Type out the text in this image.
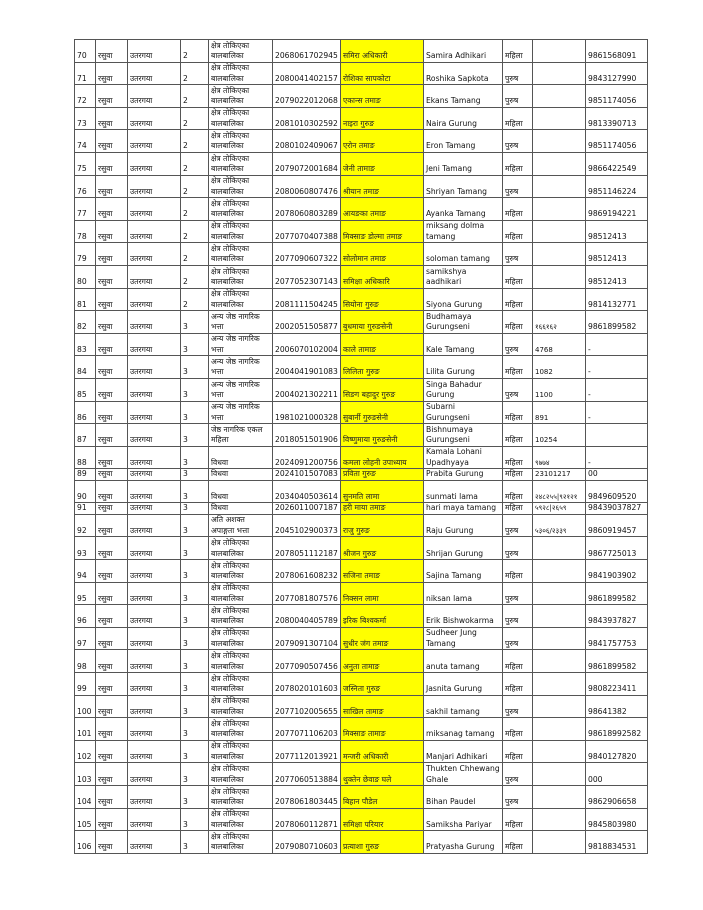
70	रसुवा	उतरगया	2	क्षेत्र तोकिएका बालबालिका	2068061702945	समिरा अधिकारी	Samira Adhikari	महिला		9861568091
71	रसुवा	उतरगया	2	क्षेत्र तोकिएका बालबालिका	2080041402157	रोशिका सापकोटा	Roshika Sapkota	पुरुष		9843127990
72	रसुवा	उतरगया	2	क्षेत्र तोकिएका बालबालिका	2079022012068	एकान्स तमाङ	Ekans Tamang	पुरुष		9851174056
73	रसुवा	उतरगया	2	क्षेत्र तोकिएका बालबालिका	2081010302592	नाइरा गुरुङ	Naira Gurung	महिला		9813390713
74	रसुवा	उतरगया	2	क्षेत्र तोकिएका बालबालिका	2080102409067	एरोन तमाङ	Eron Tamang	पुरुष		9851174056
75	रसुवा	उतरगया	2	क्षेत्र तोकिएका बालबालिका	2079072001684	जेनी तामाङ	Jeni Tamang	महिला		9866422549
76	रसुवा	उतरगया	2	क्षेत्र तोकिएका बालबालिका	2080060807476	श्रीयान तमाङ	Shriyan Tamang	पुरुष		9851146224
77	रसुवा	उतरगया	2	क्षेत्र तोकिएका बालबालिका	2078060803289	आयङका तमाङ	Ayanka Tamang	महिला		9869194221
78	रसुवा	उतरगया	2	क्षेत्र तोकिएका बालबालिका	2077070407388	मिक्साङ डोल्मा तमाङ	miksang dolma tamang	महिला		98512413
79	रसुवा	उतरगया	2	क्षेत्र तोकिएका बालबालिका	2077090607322	सोलोमान तमाङ	soloman tamang	पुरुष		98512413
80	रसुवा	उतरगया	2	क्षेत्र तोकिएका बालबालिका	2077052307143	समिक्षा अधिकारि	samikshya aadhikari	महिला		98512413
81	रसुवा	उतरगया	2	क्षेत्र तोकिएका बालबालिका	2081111504245	सियोना गुरुङ	Siyona Gurung	महिला		9814132771
82	रसुवा	उतरगया	3	अन्य जेष्ठ नागरिक भत्ता	2002051505877	बुधमाया गुरुङसेनी	Budhamaya Gurungseni	महिला	१६६१६२	9861899582
83	रसुवा	उतरगया	3	अन्य जेष्ठ नागरिक भत्ता	2006070102004	काले तामाङ	Kale Tamang	पुरुष	4768	-
84	रसुवा	उतरगया	3	अन्य जेष्ठ नागरिक भत्ता	2004041901083	लिलिता गुरुङ	Lilita Gurung	महिला	1082	-
85	रसुवा	उतरगया	3	अन्य जेष्ठ नागरिक भत्ता	2004021302211	सिङग बहादुर गुरुङ	Singa Bahadur Gurung	पुरुष	1100	-
86	रसुवा	उतरगया	3	अन्य जेष्ठ नागरिक भत्ता	1981021000328	सुबार्नी गुरुङसेनी	Subarni Gurungseni	महिला	891	-
87	रसुवा	उतरगया	3	जेष्ठ नागरिक एकल महिला	2018051501906	विष्णुमाया गुरुङसेनी	Bishnumaya Gurungseni	महिला	10254	
88	रसुवा	उतरगया	3	विधवा	2024091200756	कमला लोहनी उपाध्याय	Kamala Lohani Upadhyaya	महिला	९७७४	-
89	रसुवा	उतरगया	3	विधवा	2024101507083	प्रविता गुरुङ	Prabita Gurung	महिला	23101217	00
90	रसुवा	उतरगया	3	विधवा	2034040503614	सुनमति लामा	sunmati lama	महिला	२४८२५५|९२१२१	9849609520
91	रसुवा	उतरगया	3	विधवा	2026011007187	हरी माया तमाङ	hari maya tamang	महिला	५९२८|२६५९	98439037827
92	रसुवा	उतरगया	3	अति अशक्त अपाङ्गता भत्ता	2045102900373	राजु गुरुङ	Raju Gurung	पुरुष	५३०६/२३३९	9860919457
93	रसुवा	उतरगया	3	क्षेत्र तोकिएका बालबालिका	2078051112187	श्रीजन गुरुङ	Shrijan Gurung	पुरुष		9867725013
94	रसुवा	उतरगया	3	क्षेत्र तोकिएका बालबालिका	2078061608232	सजिना तमाङ	Sajina Tamang	महिला		9841903902
95	रसुवा	उतरगया	3	क्षेत्र तोकिएका बालबालिका	2077081807576	निक्सन लामा	niksan lama	पुरुष		9861899582
96	रसुवा	उतरगया	3	क्षेत्र तोकिएका बालबालिका	2080040405789	इरिक बिश्वकर्मा	Erik Bishwokarma	पुरुष		9843937827
97	रसुवा	उतरगया	3	क्षेत्र तोकिएका बालबालिका	2079091307104	सुधीर जंग तमाङ	Sudheer Jung Tamang	पुरुष		9841757753
98	रसुवा	उतरगया	3	क्षेत्र तोकिएका बालबालिका	2077090507456	अनुता तामाङ	anuta tamang	महिला		9861899582
99	रसुवा	उतरगया	3	क्षेत्र तोकिएका बालबालिका	2078020101603	जस्निता गुरुङ	Jasnita Gurung	महिला		9808223411
100	रसुवा	उतरगया	3	क्षेत्र तोकिएका बालबालिका	2077102005655	साखिल तामाङ	sakhil tamang	पुरुष		98641382
101	रसुवा	उतरगया	3	क्षेत्र तोकिएका बालबालिका	2077071106203	मिक्साङ तामाङ	miksanag tamang	महिला		98618992582
102	रसुवा	उतरगया	3	क्षेत्र तोकिएका बालबालिका	2077112013921	मन्जरी अधिकारी	Manjari Adhikari	महिला		9840127820
103	रसुवा	उतरगया	3	क्षेत्र तोकिएका बालबालिका	2077060513884	थुक्तेन छेवाङ घले	Thukten Chhewang Ghale	पुरुष		000
104	रसुवा	उतरगया	3	क्षेत्र तोकिएका बालबालिका	2078061803445	बिहान पौडेल	Bihan Paudel	पुरुष		9862906658
105	रसुवा	उतरगया	3	क्षेत्र तोकिएका बालबालिका	2078060112871	समिक्षा परियार	Samiksha Pariyar	महिला		9845803980
106	रसुवा	उतरगया	3	क्षेत्र तोकिएका बालबालिका	2079080710603	प्रत्याशा गुरुङ	Pratyasha Gurung	महिला		9818834531
